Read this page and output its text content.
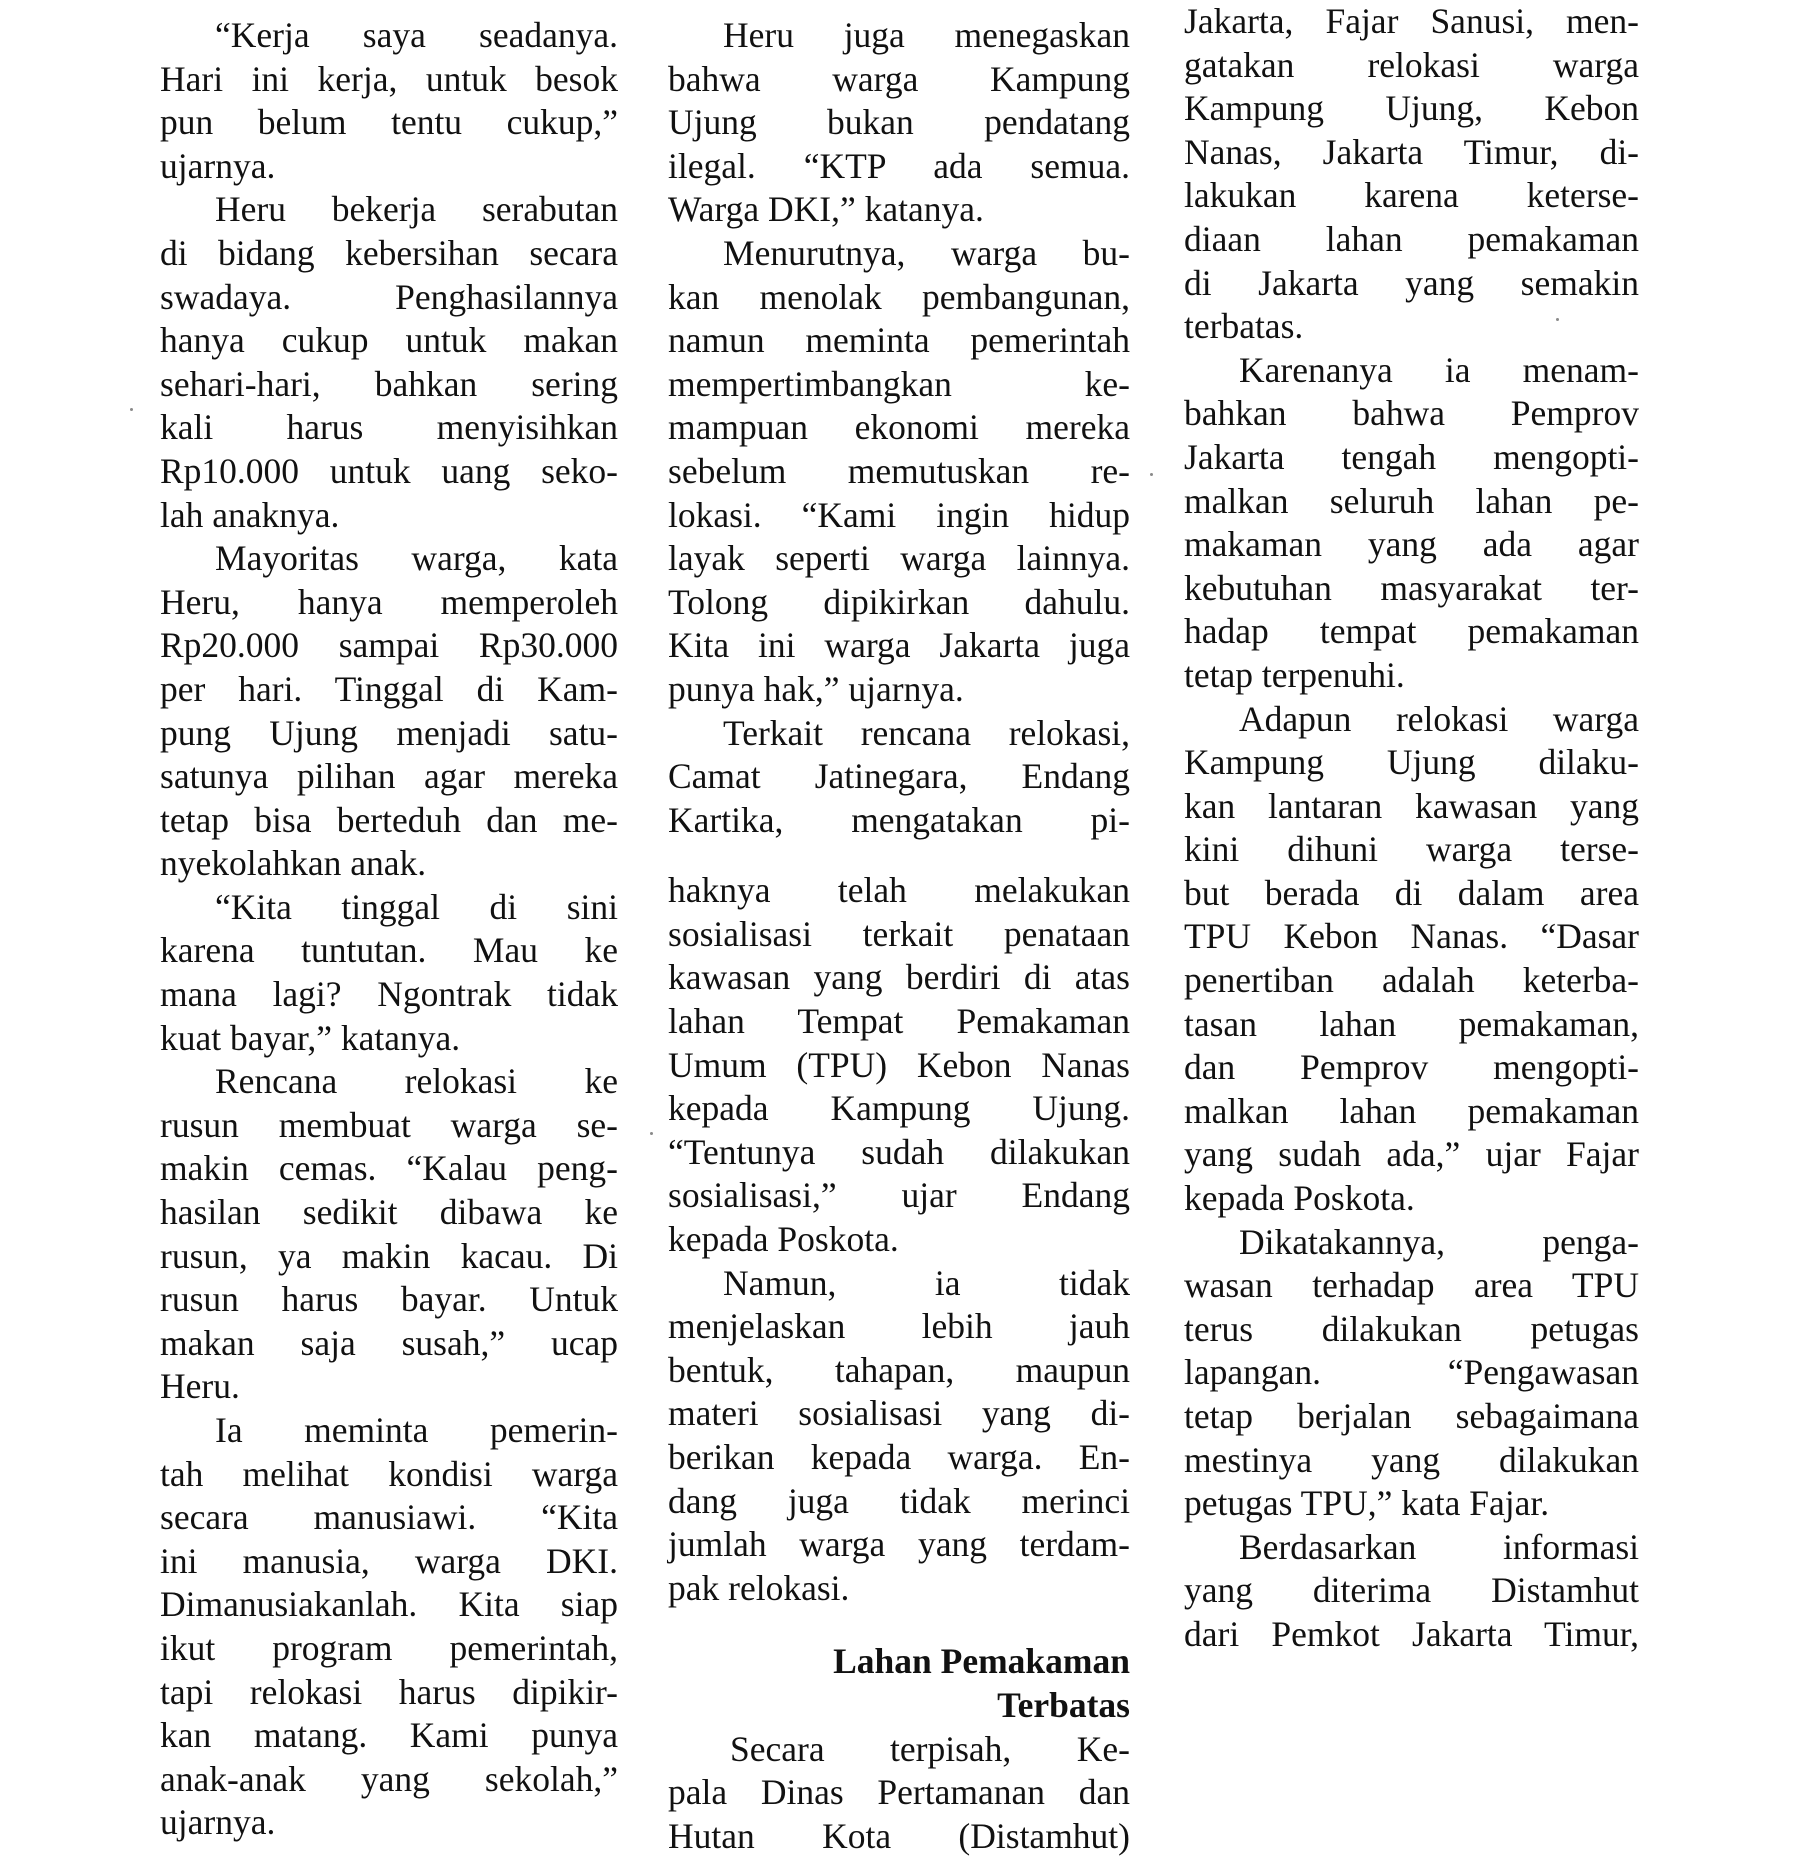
“Kerja saya seadanya.
Hari ini kerja, untuk besok
pun belum tentu cukup,”
ujarnya.
Heru bekerja serabutan
di bidang kebersihan secara
swadaya. Penghasilannya
hanya cukup untuk makan
sehari-hari, bahkan sering
kali harus menyisihkan
Rp10.000 untuk uang seko-
lah anaknya.
Mayoritas warga, kata
Heru, hanya memperoleh
Rp20.000 sampai Rp30.000
per hari. Tinggal di Kam-
pung Ujung menjadi satu-
satunya pilihan agar mereka
tetap bisa berteduh dan me-
nyekolahkan anak.
“Kita tinggal di sini
karena tuntutan. Mau ke
mana lagi? Ngontrak tidak
kuat bayar,” katanya.
Rencana relokasi ke
rusun membuat warga se-
makin cemas. “Kalau peng-
hasilan sedikit dibawa ke
rusun, ya makin kacau. Di
rusun harus bayar. Untuk
makan saja susah,” ucap
Heru.
Ia meminta pemerin-
tah melihat kondisi warga
secara manusiawi. “Kita
ini manusia, warga DKI.
Dimanusiakanlah. Kita siap
ikut program pemerintah,
tapi relokasi harus dipikir-
kan matang. Kami punya
anak-anak yang sekolah,”
ujarnya.
Heru juga menegaskan
bahwa warga Kampung
Ujung bukan pendatang
ilegal. “KTP ada semua.
Warga DKI,” katanya.
Menurutnya, warga bu-
kan menolak pembangunan,
namun meminta pemerintah
mempertimbangkan ke-
mampuan ekonomi mereka
sebelum memutuskan re-
lokasi. “Kami ingin hidup
layak seperti warga lainnya.
Tolong dipikirkan dahulu.
Kita ini warga Jakarta juga
punya hak,” ujarnya.
Terkait rencana relokasi,
Camat Jatinegara, Endang
Kartika, mengatakan pi-
haknya telah melakukan
sosialisasi terkait penataan
kawasan yang berdiri di atas
lahan Tempat Pemakaman
Umum (TPU) Kebon Nanas
kepada Kampung Ujung.
“Tentunya sudah dilakukan
sosialisasi,” ujar Endang
kepada Poskota.
Namun, ia tidak
menjelaskan lebih jauh
bentuk, tahapan, maupun
materi sosialisasi yang di-
berikan kepada warga. En-
dang juga tidak merinci
jumlah warga yang terdam-
pak relokasi.
Lahan Pemakaman
Terbatas
Secara terpisah, Ke-
pala Dinas Pertamanan dan
Hutan Kota (Distamhut)
Jakarta, Fajar Sanusi, men-
gatakan relokasi warga
Kampung Ujung, Kebon
Nanas, Jakarta Timur, di-
lakukan karena keterse-
diaan lahan pemakaman
di Jakarta yang semakin
terbatas.
Karenanya ia menam-
bahkan bahwa Pemprov
Jakarta tengah mengopti-
malkan seluruh lahan pe-
makaman yang ada agar
kebutuhan masyarakat ter-
hadap tempat pemakaman
tetap terpenuhi.
Adapun relokasi warga
Kampung Ujung dilaku-
kan lantaran kawasan yang
kini dihuni warga terse-
but berada di dalam area
TPU Kebon Nanas. “Dasar
penertiban adalah keterba-
tasan lahan pemakaman,
dan Pemprov mengopti-
malkan lahan pemakaman
yang sudah ada,” ujar Fajar
kepada Poskota.
Dikatakannya, penga-
wasan terhadap area TPU
terus dilakukan petugas
lapangan. “Pengawasan
tetap berjalan sebagaimana
mestinya yang dilakukan
petugas TPU,” kata Fajar.
Berdasarkan informasi
yang diterima Distamhut
dari Pemkot Jakarta Timur,
